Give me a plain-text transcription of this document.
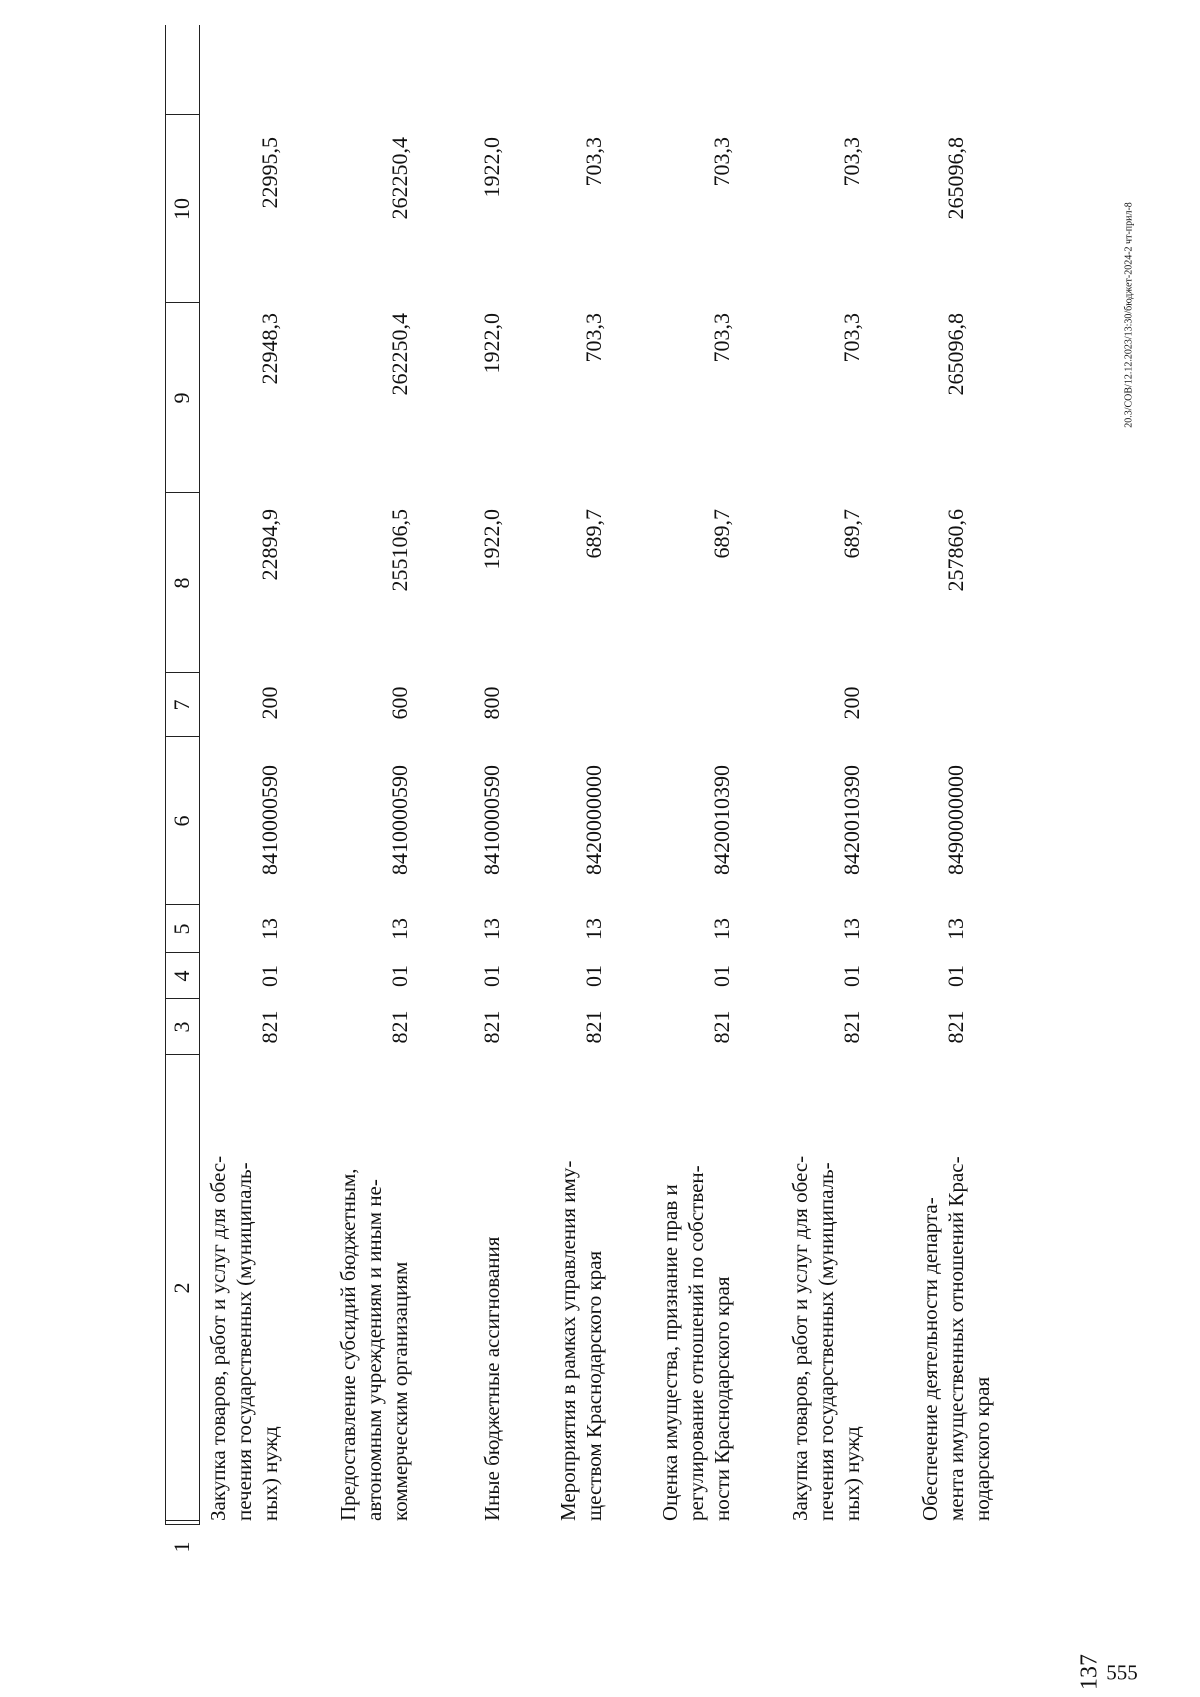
137
20.3/СОВ/12.12.2023/13:30/бюджет-2024-2 чт-прил-8
555
2
3
4
5
6
7
8
9
10
1
Закупка товаров, работ и услуг для обес- печения государственных (муниципаль- ных) нужд
821
01
13
8410000590
200
22894,9
22948,3
22995,5
Предоставление субсидий бюджетным, автономным учреждениям и иным не- коммерческим организациям
821
01
13
8410000590
600
255106,5
262250,4
262250,4
Иные бюджетные ассигнования
821
01
13
8410000590
800
1922,0
1922,0
1922,0
Мероприятия в рамках управления иму- ществом Краснодарского края
821
01
13
8420000000
689,7
703,3
703,3
Оценка имущества, признание прав и регулирование отношений по собствен- ности Краснодарского края
821
01
13
8420010390
689,7
703,3
703,3
Закупка товаров, работ и услуг для обес- печения государственных (муниципаль- ных) нужд
821
01
13
8420010390
200
689,7
703,3
703,3
Обеспечение деятельности департа- мента имущественных отношений Крас- нодарского края
821
01
13
8490000000
257860,6
265096,8
265096,8
